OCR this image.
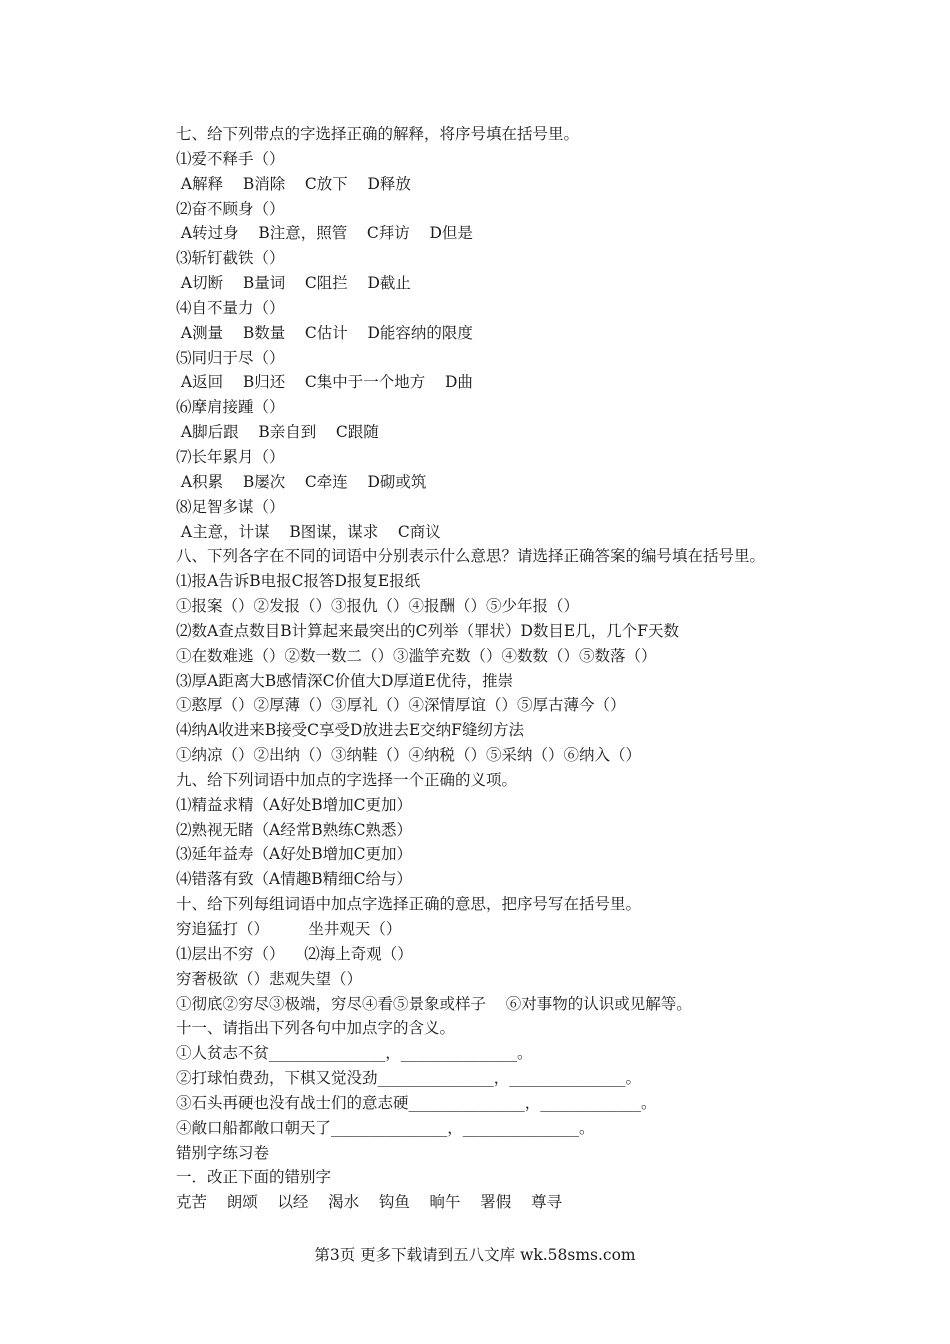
七、给下列带点的字选择正确的解释，将序号填在括号里。
⑴爱不释手（）
A解释    B消除    C放下    D释放
⑵奋不顾身（）
A转过身    B注意，照管    C拜访    D但是
⑶斩钉截铁（）
A切断    B量词    C阻拦    D截止
⑷自不量力（）
A测量    B数量    C估计    D能容纳的限度
⑸同归于尽（）
A返回    B归还    C集中于一个地方    D曲
⑹摩肩接踵（）
A脚后跟    B亲自到    C跟随
⑺长年累月（）
A积累    B屡次    C牵连    D砌或筑
⑻足智多谋（）
A主意，计谋    B图谋，谋求    C商议
八、下列各字在不同的词语中分别表示什么意思？请选择正确答案的编号填在括号里。
⑴报A告诉B电报C报答D报复E报纸
①报案（）②发报（）③报仇（）④报酬（）⑤少年报（）
⑵数A查点数目B计算起来最突出的C列举（罪状）D数目E几，几个F天数
①在数难逃（）②数一数二（）③滥竽充数（）④数数（）⑤数落（）
⑶厚A距离大B感情深C价值大D厚道E优待，推崇
①憨厚（）②厚薄（）③厚礼（）④深情厚谊（）⑤厚古薄今（）
⑷纳A收进来B接受C享受D放进去E交纳F缝纫方法
①纳凉（）②出纳（）③纳鞋（）④纳税（）⑤采纳（）⑥纳入（）
九、给下列词语中加点的字选择一个正确的义项。
⑴精益求精（A好处B增加C更加）
⑵熟视无睹（A经常B熟练C熟悉）
⑶延年益寿（A好处B增加C更加）
⑷错落有致（A情趣B精细C给与）
十、给下列每组词语中加点字选择正确的意思，把序号写在括号里。
穷追猛打（）        坐井观天（）
⑴层出不穷（）    ⑵海上奇观（）
穷奢极欲（）悲观失望（）
①彻底②穷尽③极端，穷尽④看⑤景象或样子    ⑥对事物的认识或见解等。
十一、请指出下列各句中加点字的含义。
①人贫志不贫_______________，_______________。
②打球怕费劲，下棋又觉没劲_______________，_______________。
③石头再硬也没有战士们的意志硬_______________，_____________。
④敞口船都敞口朝天了_______________，_______________。
错别字练习卷
一．改正下面的错别字
克苦    朗颂    以经    渴水    钩鱼    晌午    署假    尊寻
第3页 更多下载请到五八文库 wk.58sms.com
